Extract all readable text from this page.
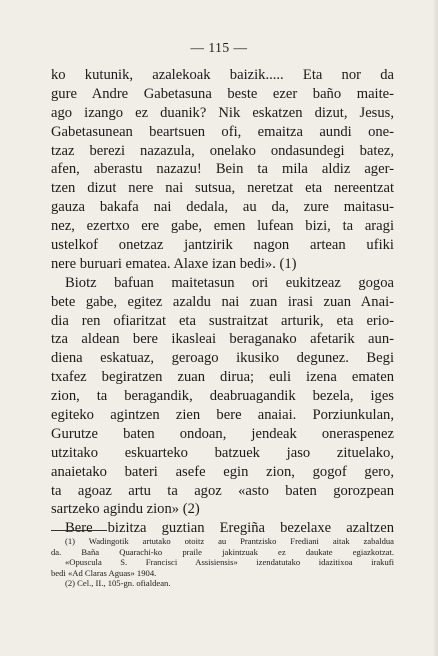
— 115 —
ko kutunik, azalekoak baizik..... Eta nor da
gure Andre Gabetasuna beste ezer baño maite-
ago izango ez duanik? Nik eskatzen dizut, Jesus,
Gabetasunean beartsuen ofi, emaitza aundi one-
tzaz berezi nazazula, onelako ondasundegi batez,
afen, aberastu nazazu! Bein ta mila aldiz ager-
tzen dizut nere nai sutsua, neretzat eta nereentzat
gauza bakafa nai dedala, au da, zure maitasu-
nez, ezertxo ere gabe, emen lufean bizi, ta aragi
ustelkof onetzaz jantzirik nagon artean ufiki
nere buruari ematea. Alaxe izan bedi». (1)
Biotz bafuan maitetasun ori eukitzeaz gogoa
bete gabe, egitez azaldu nai zuan irasi zuan Anai-
dia ren ofiaritzat eta sustraitzat arturik, eta erio-
tza aldean bere ikasleai beraganako afetarik aun-
diena eskatuaz, geroago ikusiko degunez. Begi
txafez begiratzen zuan dirua; euli izena ematen
zion, ta beragandik, deabruagandik bezela, iges
egiteko agintzen zien bere anaiai. Porziunkulan,
Gurutze baten ondoan, jendeak oneraspenez
utzitako eskuarteko batzuek jaso zituelako,
anaietako bateri asefe egin zion, gogof gero,
ta agoaz artu ta agoz «asto baten gorozpean
sartzeko agindu zion» (2)
Bere bizitza guztian Eregiña bezelaxe azaltzen
(1) Wadingotik artutako otoitz au Prantzisko Frediani aitak zabaldua
da. Baña Quarachi-ko praile jakintzuak ez daukate egiazkotzat.
«Opuscula S. Francisci Assisiensis» izendatutako idazitixoa irakufi
bedi «Ad Claras Aguas» 1904.
(2) Cel., II., 105-gn. ofialdean.
